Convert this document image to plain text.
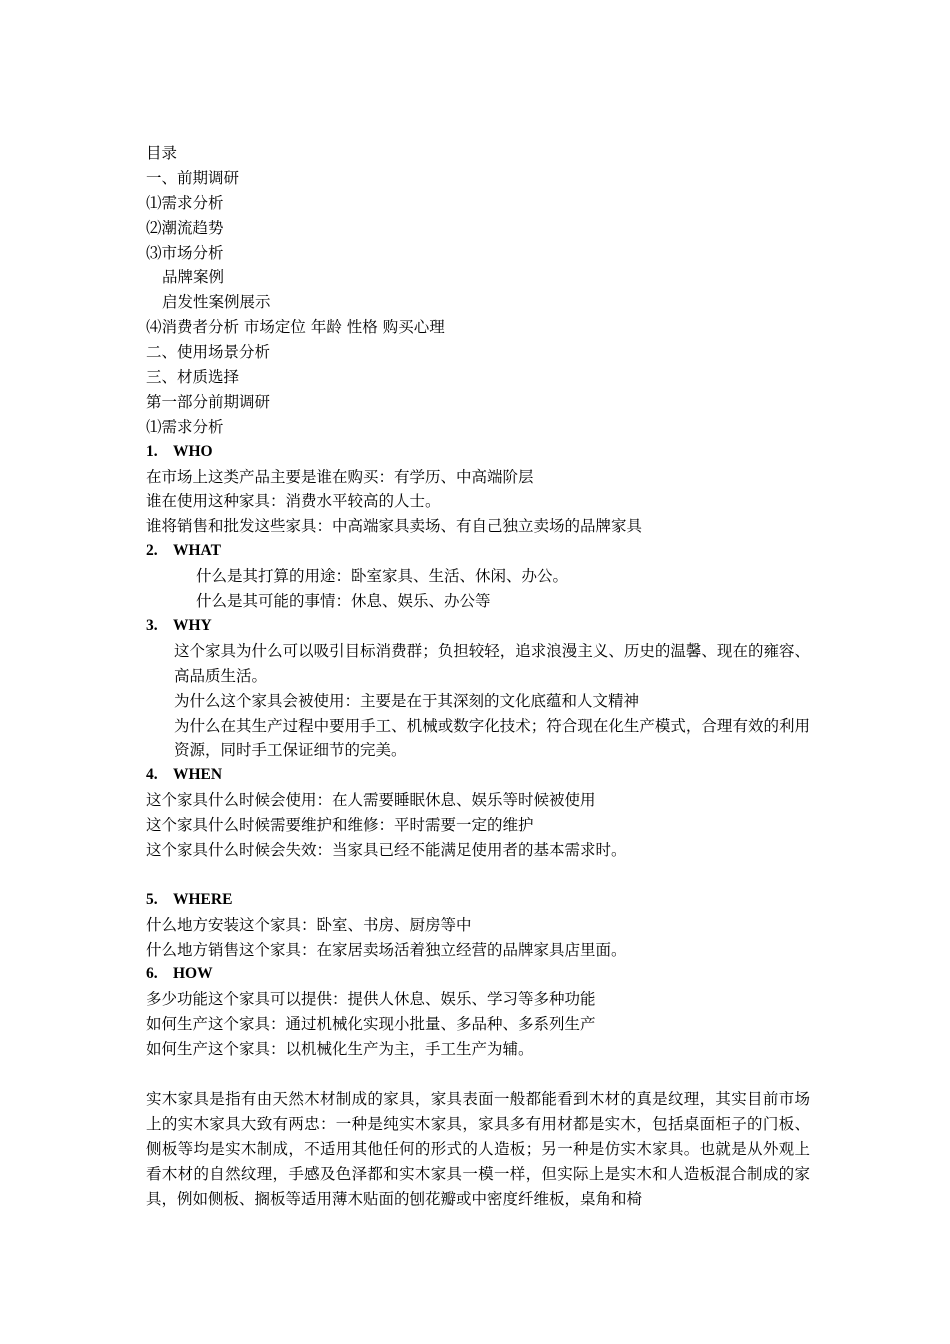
目录
一、前期调研
⑴需求分析
⑵潮流趋势
⑶市场分析
品牌案例
启发性案例展示
⑷消费者分析 市场定位 年龄 性格 购买心理
二、使用场景分析
三、材质选择
第一部分前期调研
⑴需求分析
1. WHO
在市场上这类产品主要是谁在购买：有学历、中高端阶层
谁在使用这种家具：消费水平较高的人士。
谁将销售和批发这些家具：中高端家具卖场、有自己独立卖场的品牌家具
2. WHAT
什么是其打算的用途：卧室家具、生活、休闲、办公。
什么是其可能的事情：休息、娱乐、办公等
3. WHY
这个家具为什么可以吸引目标消费群；负担较轻，追求浪漫主义、历史的温馨、现在的雍容、高品质生活。
为什么这个家具会被使用：主要是在于其深刻的文化底蕴和人文精神
为什么在其生产过程中要用手工、机械或数字化技术；符合现在化生产模式，合理有效的利用资源，同时手工保证细节的完美。
4. WHEN
这个家具什么时候会使用：在人需要睡眠休息、娱乐等时候被使用
这个家具什么时候需要维护和维修：平时需要一定的维护
这个家具什么时候会失效：当家具已经不能满足使用者的基本需求时。
5. WHERE
什么地方安装这个家具：卧室、书房、厨房等中
什么地方销售这个家具：在家居卖场活着独立经营的品牌家具店里面。
6. HOW
多少功能这个家具可以提供：提供人休息、娱乐、学习等多种功能
如何生产这个家具：通过机械化实现小批量、多品种、多系列生产
如何生产这个家具：以机械化生产为主，手工生产为辅。
实木家具是指有由天然木材制成的家具，家具表面一般都能看到木材的真是纹理，其实目前市场上的实木家具大致有两忠：一种是纯实木家具，家具多有用材都是实木，包括桌面柜子的门板、侧板等均是实木制成，不适用其他任何的形式的人造板；另一种是仿实木家具。也就是从外观上看木材的自然纹理，手感及色泽都和实木家具一模一样，但实际上是实木和人造板混合制成的家具，例如侧板、搁板等适用薄木贴面的刨花瓣或中密度纤维板，桌角和椅
